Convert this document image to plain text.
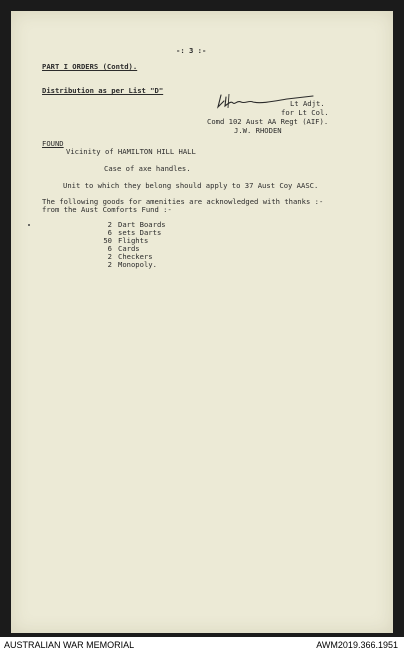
-: 3 :-
PART I ORDERS (Contd).
Distribution as per List "D"
Lt Adjt.
for Lt Col.
Comd 102 Aust AA Regt (AIF).
J.W. RHODEN
FOUND
Vicinity of HAMILTON HILL HALL
Case of axe handles.
Unit to which they belong should apply to 37 Aust Coy AASC.
The following goods for amenities are acknowledged with thanks :-
from the Aust Comforts Fund :-
2 Dart Boards
6 sets Darts
50 Flights
6 Cards
2 Checkers
2 Monopoly.
AUSTRALIAN WAR MEMORIAL	AWM2019.366.1951
